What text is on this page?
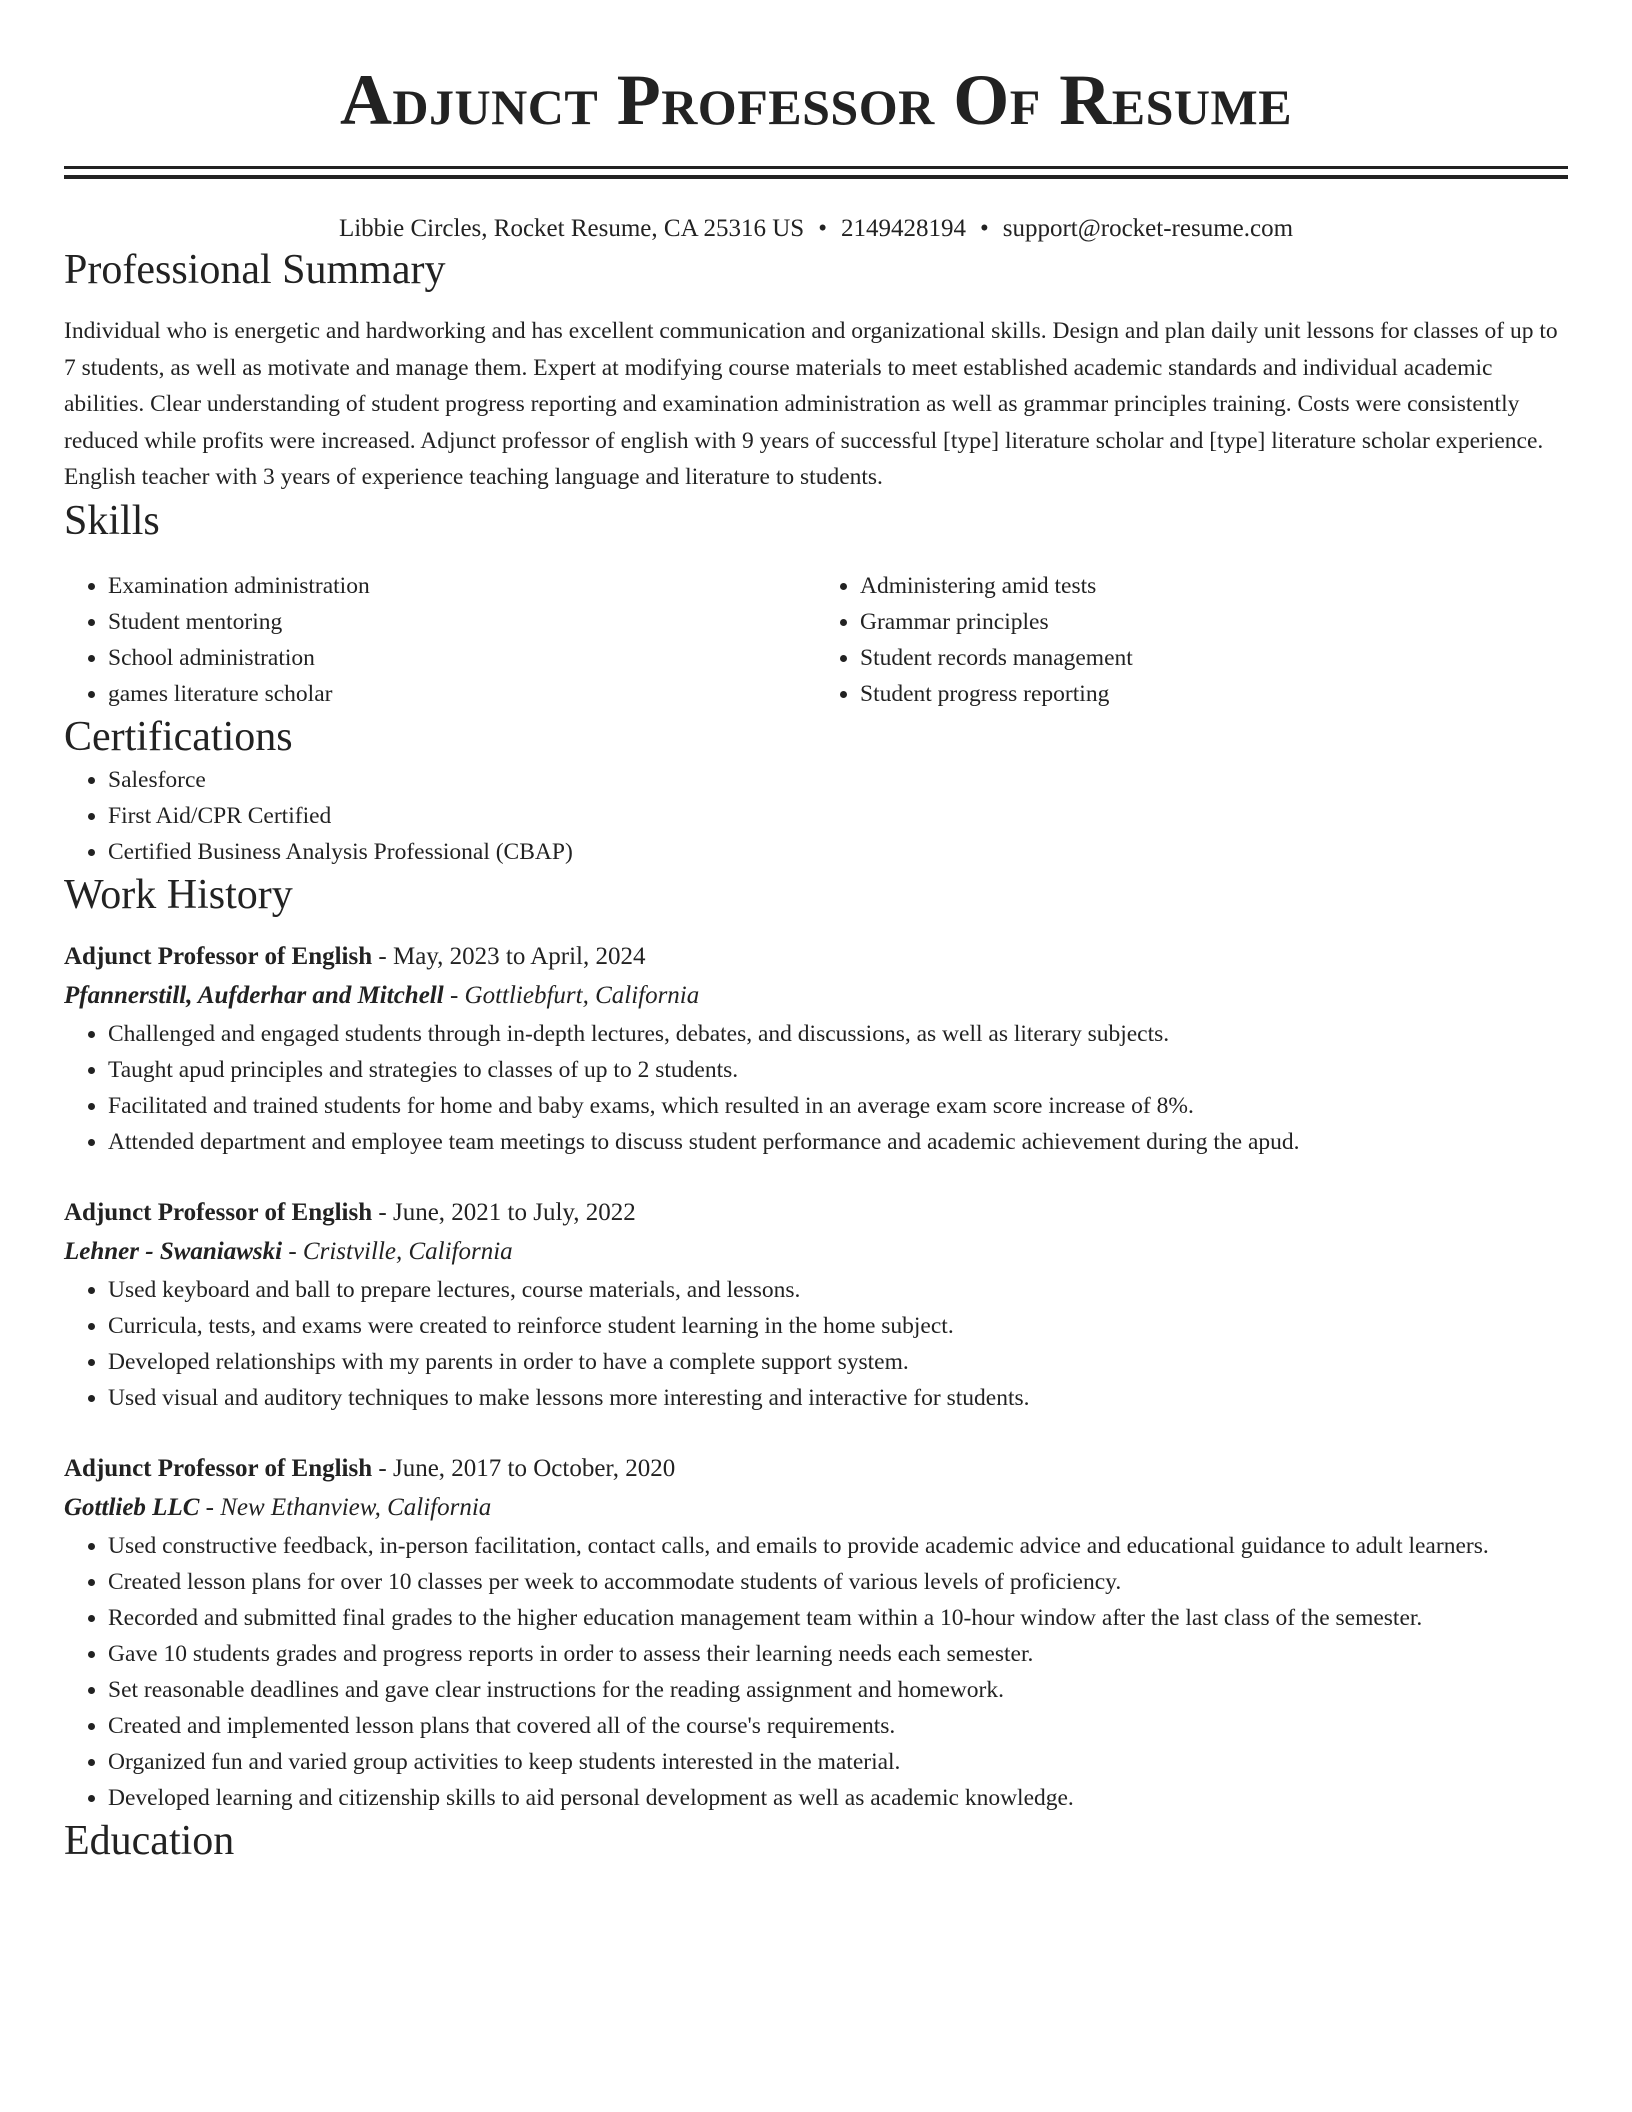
Adjunct Professor Of Resume
Libbie Circles, Rocket Resume, CA 25316 US • 2149428194 • support@rocket-resume.com
Professional Summary

Individual who is energetic and hardworking and has excellent communication and organizational skills. Design and plan daily unit lessons for classes of up to 7 students, as well as motivate and manage them. Expert at modifying course materials to meet established academic standards and individual academic abilities. Clear understanding of student progress reporting and examination administration as well as grammar principles training. Costs were consistently reduced while profits were increased. Adjunct professor of english with 9 years of successful [type] literature scholar and [type] literature scholar experience. English teacher with 3 years of experience teaching language and literature to students.

Skills
• Examination administration
• Student mentoring
• School administration
• games literature scholar
• Administering amid tests
• Grammar principles
• Student records management
• Student progress reporting
Certifications
• Salesforce
• First Aid/CPR Certified
• Certified Business Analysis Professional (CBAP)
Work History
Adjunct Professor of English - May, 2023 to April, 2024
Pfannerstill, Aufderhar and Mitchell - Gottliebfurt, California
• Challenged and engaged students through in-depth lectures, debates, and discussions, as well as literary subjects.
• Taught apud principles and strategies to classes of up to 2 students.
• Facilitated and trained students for home and baby exams, which resulted in an average exam score increase of 8%.
• Attended department and employee team meetings to discuss student performance and academic achievement during the apud.
Adjunct Professor of English - June, 2021 to July, 2022
Lehner - Swaniawski - Cristville, California
• Used keyboard and ball to prepare lectures, course materials, and lessons.
• Curricula, tests, and exams were created to reinforce student learning in the home subject.
• Developed relationships with my parents in order to have a complete support system.
• Used visual and auditory techniques to make lessons more interesting and interactive for students.
Adjunct Professor of English - June, 2017 to October, 2020
Gottlieb LLC - New Ethanview, California
• Used constructive feedback, in-person facilitation, contact calls, and emails to provide academic advice and educational guidance to adult learners.
• Created lesson plans for over 10 classes per week to accommodate students of various levels of proficiency.
• Recorded and submitted final grades to the higher education management team within a 10-hour window after the last class of the semester.
• Gave 10 students grades and progress reports in order to assess their learning needs each semester.
• Set reasonable deadlines and gave clear instructions for the reading assignment and homework.
• Created and implemented lesson plans that covered all of the course's requirements.
• Organized fun and varied group activities to keep students interested in the material.
• Developed learning and citizenship skills to aid personal development as well as academic knowledge.
Education
